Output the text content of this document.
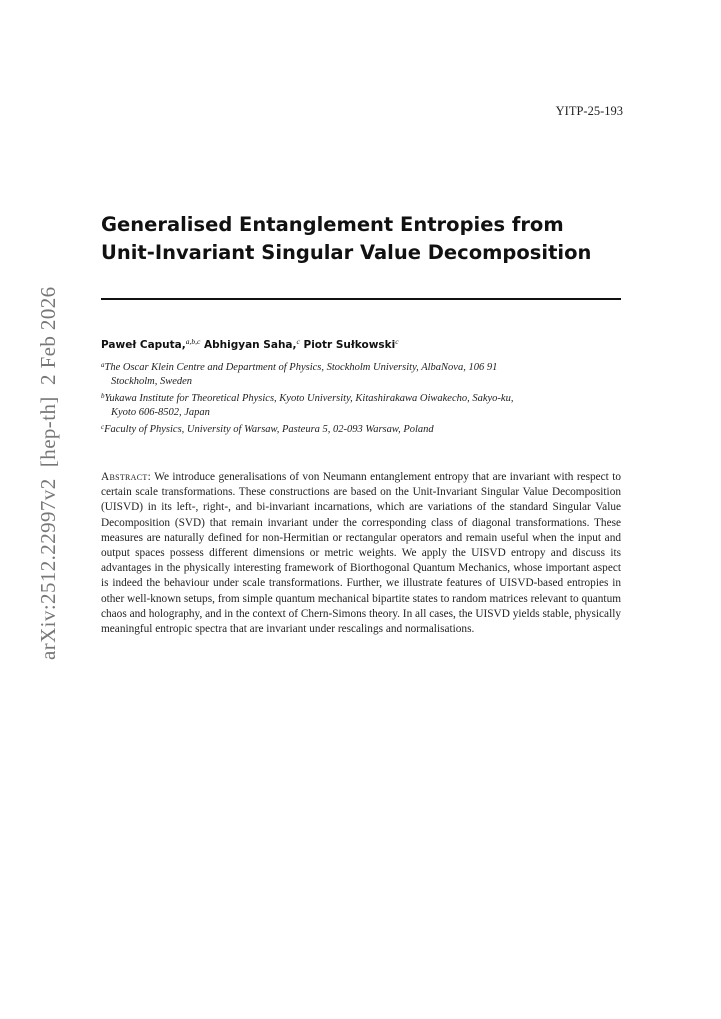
YITP-25-193
arXiv:2512.22997v2  [hep-th]  2 Feb 2026
Generalised Entanglement Entropies from
Unit-Invariant Singular Value Decomposition
Paweł Caputa,$^{a,b,c}$ Abhigyan Saha,$^c$ Piotr Sułkowski$^c$
$^a$The Oscar Klein Centre and Department of Physics, Stockholm University, AlbaNova, 106 91
Stockholm, Sweden
$^b$Yukawa Institute for Theoretical Physics, Kyoto University, Kitashirakawa Oiwakecho, Sakyo-ku,
Kyoto 606-8502, Japan
$^c$Faculty of Physics, University of Warsaw, Pasteura 5, 02-093 Warsaw, Poland

Abstract: We introduce generalisations of von Neumann entanglement entropy that are invariant with respect to certain scale transformations. These constructions are based on the Unit-Invariant Singular Value Decomposition (UISVD) in its left-, right-, and bi-invariant incarnations, which are variations of the standard Singular Value Decomposition (SVD) that remain invariant under the corresponding class of diagonal transformations. These measures are naturally defined for non-Hermitian or rectangular operators and remain useful when the input and output spaces possess different dimensions or metric weights. We apply the UISVD entropy and discuss its advantages in the physically interesting framework of Biorthogonal Quantum Mechanics, whose important aspect is indeed the behaviour under scale transformations. Further, we illustrate features of UISVD-based entropies in other well-known setups, from simple quantum mechanical bipartite states to random matrices relevant to quantum chaos and holography, and in the context of Chern-Simons theory. In all cases, the UISVD yields stable, physically meaningful entropic spectra that are invariant under rescalings and normalisations.
